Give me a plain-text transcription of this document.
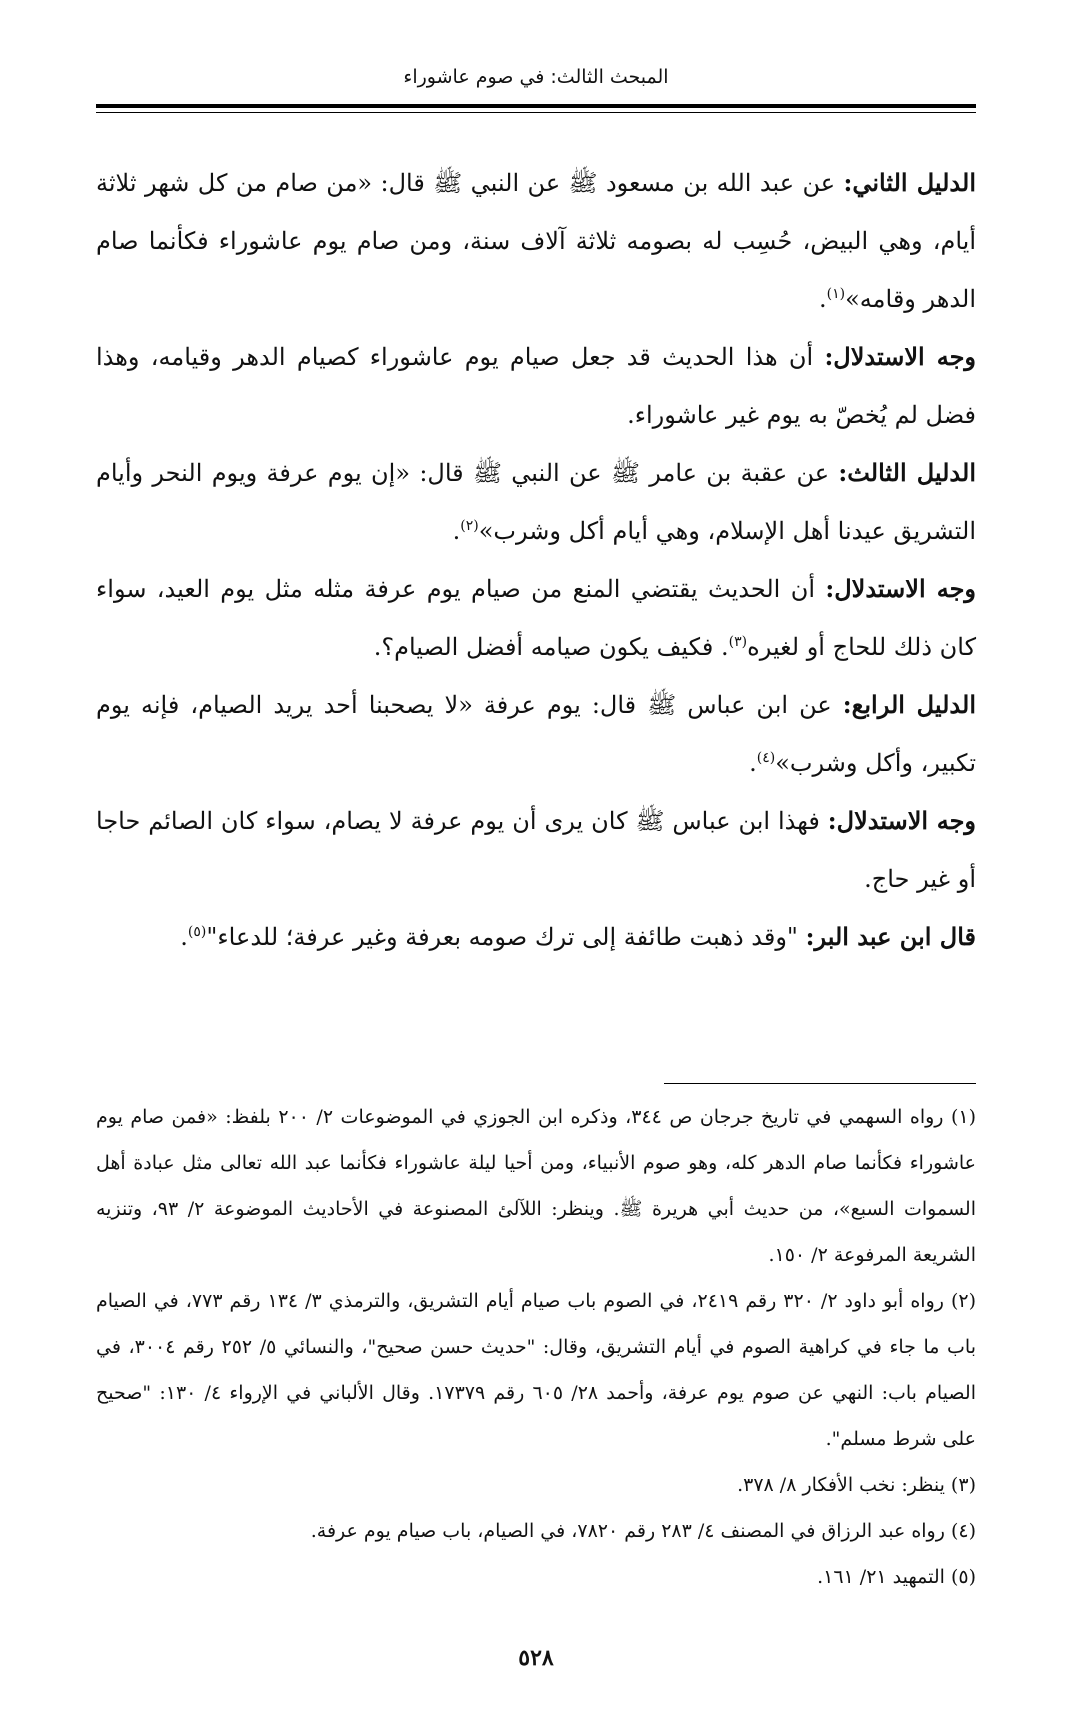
المبحث الثالث: في صوم عاشوراء

الدليل الثاني: عن عبد الله بن مسعود ﷺ عن النبي ﷺ قال: «من صام من كل شهر ثلاثة أيام، وهي البيض، حُسِب له بصومه ثلاثة آلاف سنة، ومن صام يوم عاشوراء فكأنما صام الدهر وقامه»$^{(١)}$.

وجه الاستدلال: أن هذا الحديث قد جعل صيام يوم عاشوراء كصيام الدهر وقيامه، وهذا فضل لم يُخصّ به يوم غير عاشوراء.

الدليل الثالث: عن عقبة بن عامر ﷺ عن النبي ﷺ قال: «إن يوم عرفة ويوم النحر وأيام التشريق عيدنا أهل الإسلام، وهي أيام أكل وشرب»$^{(٢)}$.

وجه الاستدلال: أن الحديث يقتضي المنع من صيام يوم عرفة مثله مثل يوم العيد، سواء كان ذلك للحاج أو لغيره$^{(٣)}$. فكيف يكون صيامه أفضل الصيام؟.

الدليل الرابع: عن ابن عباس ﷺ قال: يوم عرفة «لا يصحبنا أحد يريد الصيام، فإنه يوم تكبير، وأكل وشرب»$^{(٤)}$.

وجه الاستدلال: فهذا ابن عباس ﷺ كان يرى أن يوم عرفة لا يصام، سواء كان الصائم حاجا أو غير حاج.

قال ابن عبد البر: "وقد ذهبت طائفة إلى ترك صومه بعرفة وغير عرفة؛ للدعاء"$^{(٥)}$.

(١) رواه السهمي في تاريخ جرجان ص ٣٤٤، وذكره ابن الجوزي في الموضوعات ٢/ ٢٠٠ بلفظ: «فمن صام يوم عاشوراء فكأنما صام الدهر كله، وهو صوم الأنبياء، ومن أحيا ليلة عاشوراء فكأنما عبد الله تعالى مثل عبادة أهل السموات السبع»، من حديث أبي هريرة ﷺ. وينظر: اللآلئ المصنوعة في الأحاديث الموضوعة ٢/ ٩٣، وتنزيه الشريعة المرفوعة ٢/ ١٥٠.

(٢) رواه أبو داود ٢/ ٣٢٠ رقم ٢٤١٩، في الصوم باب صيام أيام التشريق، والترمذي ٣/ ١٣٤ رقم ٧٧٣، في الصيام باب ما جاء في كراهية الصوم في أيام التشريق، وقال: "حديث حسن صحيح"، والنسائي ٥/ ٢٥٢ رقم ٣٠٠٤، في الصيام باب: النهي عن صوم يوم عرفة، وأحمد ٢٨/ ٦٠٥ رقم ١٧٣٧٩. وقال الألباني في الإرواء ٤/ ١٣٠: "صحيح على شرط مسلم".

(٣) ينظر: نخب الأفكار ٨/ ٣٧٨.

(٤) رواه عبد الرزاق في المصنف ٤/ ٢٨٣ رقم ٧٨٢٠، في الصيام، باب صيام يوم عرفة.

(٥) التمهيد ٢١/ ١٦١.

٥٢٨
